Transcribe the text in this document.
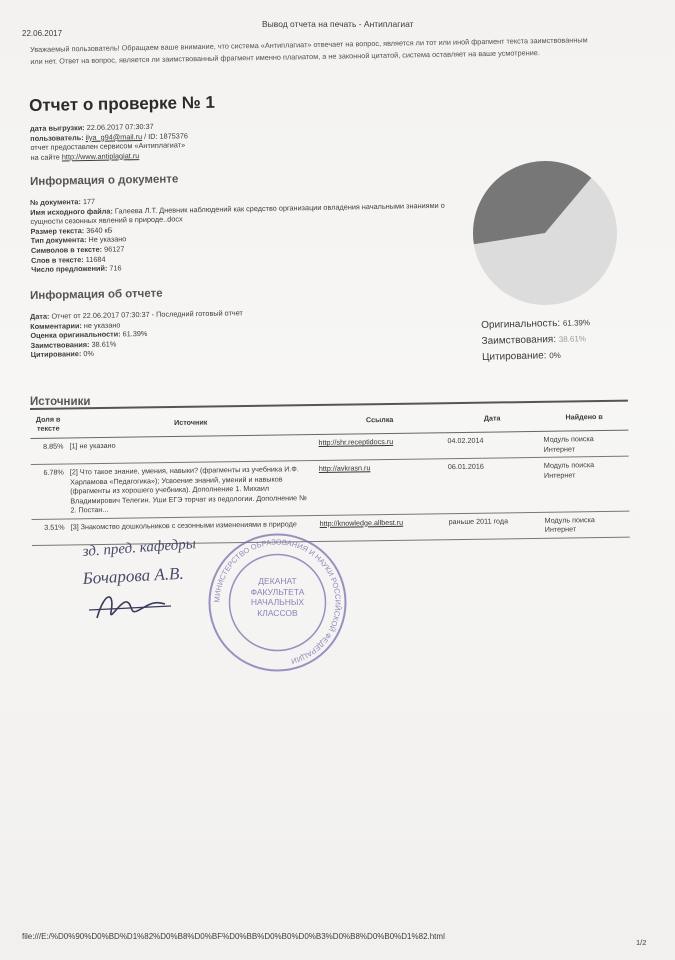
22.06.2017
Вывод отчета на печать - Антиплагиат
Уважаемый пользователь! Обращаем ваше внимание, что система «Антиплагиат» отвечает на вопрос, является ли тот или иной фрагмент текста заимствованным или нет. Ответ на вопрос, является ли заимствованный фрагмент именно плагиатом, а не законной цитатой, система оставляет на ваше усмотрение.
Отчет о проверке № 1
дата выгрузки: 22.06.2017 07:30:37
пользователь: ilya_g94@mail.ru / ID: 1875376
отчет предоставлен сервисом «Антиплагиат»
на сайте http://www.antiplagiat.ru
Информация о документе
№ документа: 177
Имя исходного файла: Галеева Л.Т. Дневник наблюдений как средство организации овладения начальными знаниями о сущности сезонных явлений в природе..docx
Размер текста: 3640 кБ
Тип документа: Не указано
Символов в тексте: 96127
Слов в тексте: 11684
Число предложений: 716
Информация об отчете
Дата: Отчет от 22.06.2017 07:30:37 - Последний готовый отчет
Комментарии: не указано
Оценка оригинальности: 61.39%
Заимствования: 38.61%
Цитирование: 0%
Оригинальность: 61.39%
Заимствования: 38.61%
Цитирование: 0%
Источники
Доля в тексте	Источник	Ссылка	Дата	Найдено в
8.85%	[1] не указано	http://shr.receptidocs.ru	04.02.2014	Модуль поиска Интернет
6.78%	[2] Что такое знание, умения, навыки? (фрагменты из учебника И.Ф. Харламова «Педагогика»); Усвоение знаний, умений и навыков (фрагменты из хорошего учебника). Дополнение 1. Михаил Владимирович Телегин. Уши ЕГЭ торчат из педологии. Дополнение № 2. Постан...	http://avkrasn.ru	06.01.2016	Модуль поиска Интернет
3.51%	[3] Знакомство дошкольников с сезонными изменениями в природе	http://knowledge.allbest.ru	раньше 2011 года	Модуль поиска Интернет
МИНИСТЕРСТВО ОБРАЗОВАНИЯ И НАУКИ РОССИЙСКОЙ ФЕДЕРАЦИИ
ДЕКАНАТ ФАКУЛЬТЕТА НАЧАЛЬНЫХ КЛАССОВ
зд. пред. кафедры
Бочарова А.В.
file:///E:/%D0%90%D0%BD%D1%82%D0%B8%D0%BF%D0%BB%D0%B0%D0%B3%D0%B8%D0%B0%D1%82.html
1/2
